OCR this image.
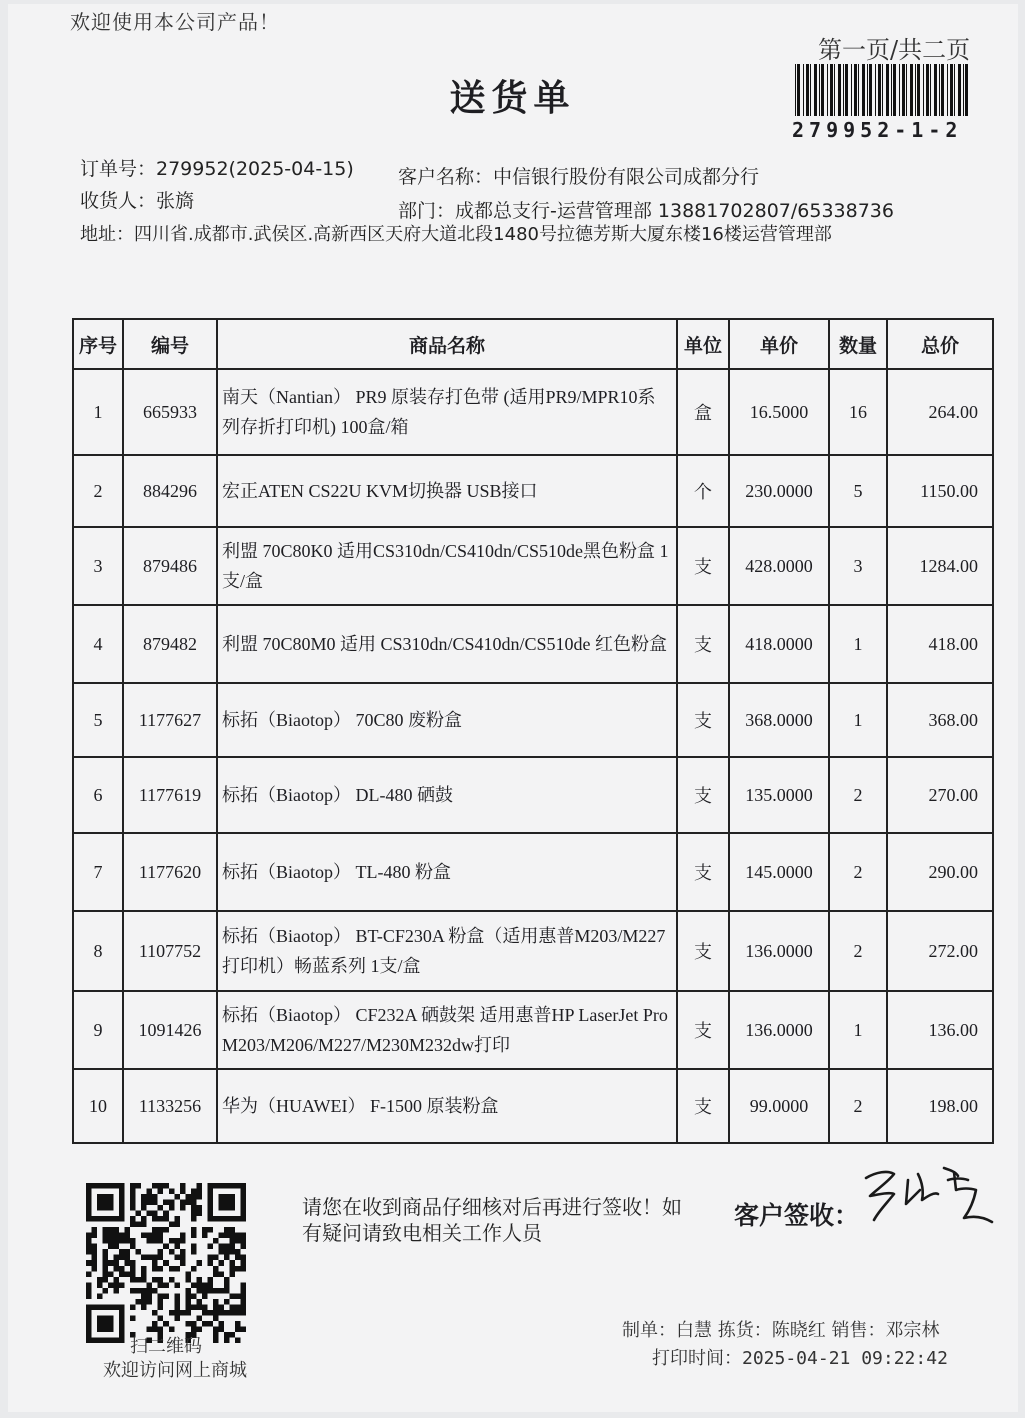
欢迎使用本公司产品！
第一页/共二页
279952-1-2
送货单
订单号：279952(2025-04-15)
收货人：张旖
地址：四川省.成都市.武侯区.高新西区天府大道北段1480号拉德芳斯大厦东楼16楼运营管理部
客户名称：中信银行股份有限公司成都分行
部门：成都总支行-运营管理部 13881702807/65338736
序号	编号	商品名称	单位	单价	数量	总价
1	665933	南天（Nantian） PR9 原装存打色带 (适用PR9/MPR10系列存折打印机) 100盒/箱	盒	16.5000	16	264.00
2	884296	宏正ATEN CS22U KVM切换器 USB接口	个	230.0000	5	1150.00
3	879486	利盟 70C80K0 适用CS310dn/CS410dn/CS510de黑色粉盒 1支/盒	支	428.0000	3	1284.00
4	879482	利盟 70C80M0 适用 CS310dn/CS410dn/CS510de 红色粉盒	支	418.0000	1	418.00
5	1177627	标拓（Biaotop） 70C80 废粉盒	支	368.0000	1	368.00
6	1177619	标拓（Biaotop） DL-480 硒鼓	支	135.0000	2	270.00
7	1177620	标拓（Biaotop） TL-480 粉盒	支	145.0000	2	290.00
8	1107752	标拓（Biaotop） BT-CF230A 粉盒（适用惠普M203/M227 打印机）畅蓝系列 1支/盒	支	136.0000	2	272.00
9	1091426	标拓（Biaotop） CF232A 硒鼓架 适用惠普HP LaserJet Pro M203/M206/M227/M230M232dw打印	支	136.0000	1	136.00
10	1133256	华为（HUAWEI） F-1500 原装粉盒	支	99.0000	2	198.00
扫二维码
欢迎访问网上商城
请您在收到商品仔细核对后再进行签收！如有疑问请致电相关工作人员
客户签收：
制单：白慧 拣货：陈晓红 销售：邓宗林
打印时间：2025-04-21 09:22:42
